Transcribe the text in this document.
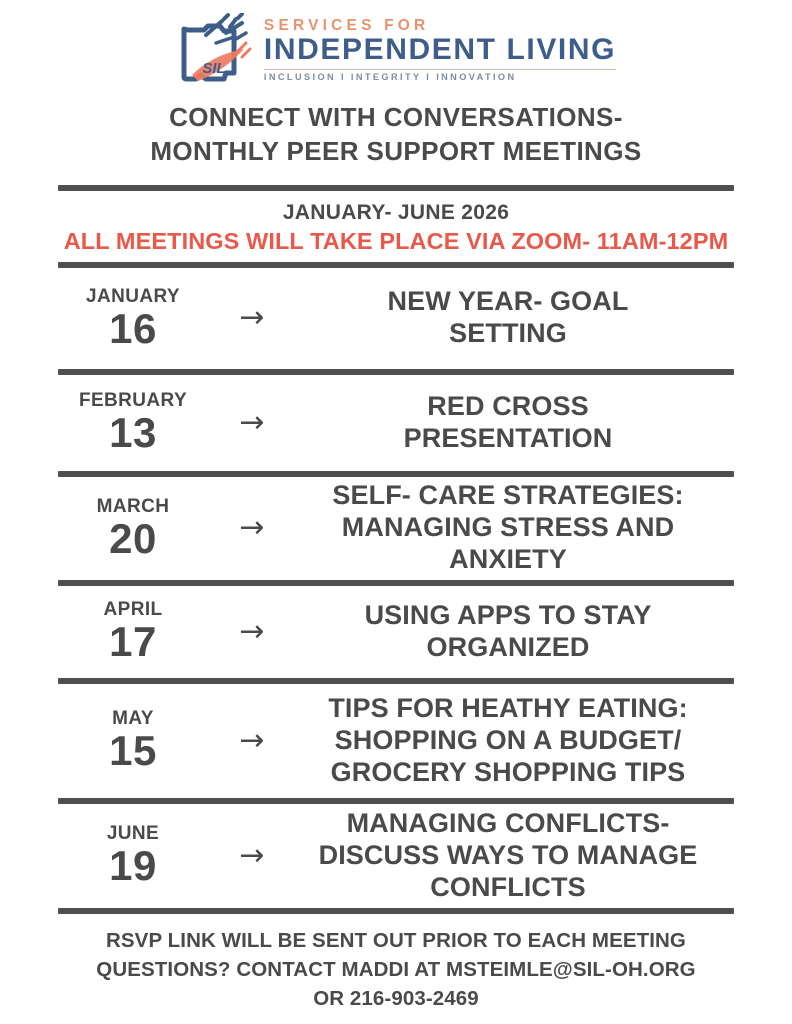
SIL
SERVICES FOR
INDEPENDENT LIVING
INCLUSION I INTEGRITY I INNOVATION
CONNECT WITH CONVERSATIONS-
MONTHLY PEER SUPPORT MEETINGS
JANUARY- JUNE 2026
ALL MEETINGS WILL TAKE PLACE VIA ZOOM- 11AM-12PM
JANUARY
16	→	NEW YEAR- GOAL
SETTING
FEBRUARY
13	→	RED CROSS
PRESENTATION
MARCH
20	→
SELF- CARE STRATEGIES:
MANAGING STRESS AND
ANXIETY
APRIL
17	→	USING APPS TO STAY
ORGANIZED
MAY
15	→
TIPS FOR HEATHY EATING:
SHOPPING ON A BUDGET/
GROCERY SHOPPING TIPS
JUNE
19	→
MANAGING CONFLICTS-
DISCUSS WAYS TO MANAGE
CONFLICTS
RSVP LINK WILL BE SENT OUT PRIOR TO EACH MEETING
QUESTIONS? CONTACT MADDI AT MSTEIMLE@SIL-OH.ORG
OR 216-903-2469
